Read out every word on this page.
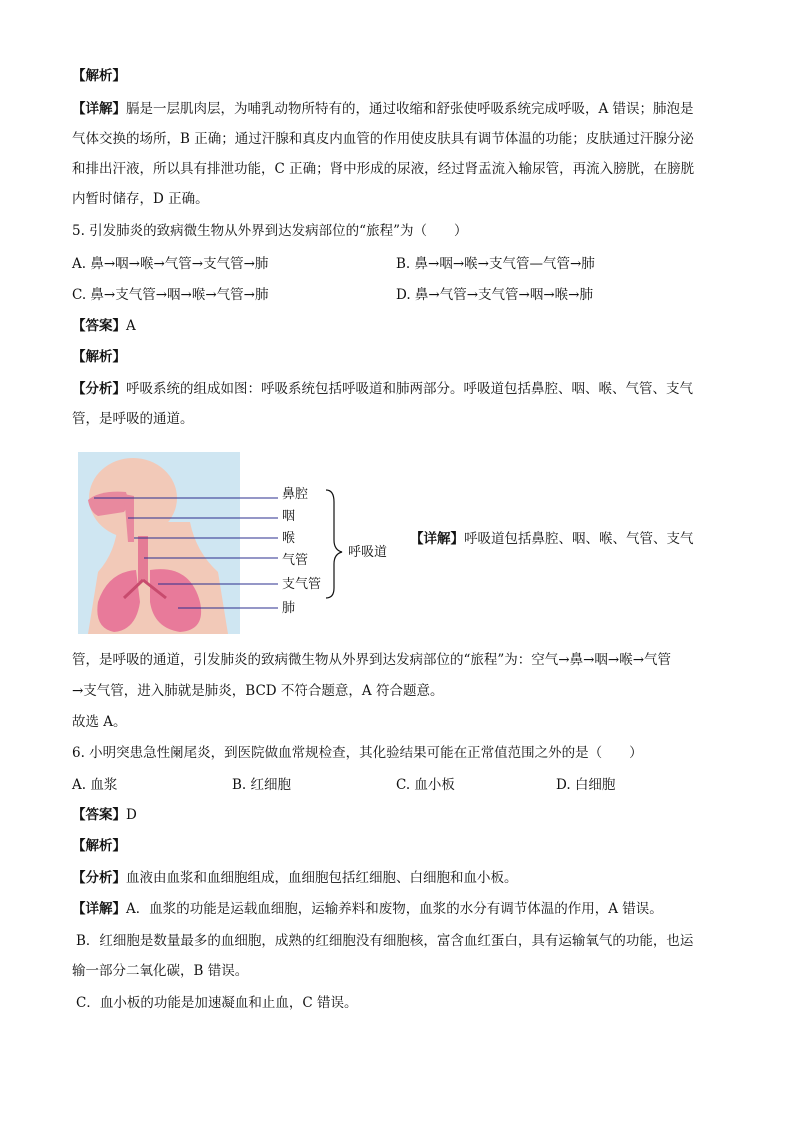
【解析】
【详解】膈是一层肌肉层，为哺乳动物所特有的，通过收缩和舒张使呼吸系统完成呼吸，A 错误；肺泡是
气体交换的场所，B 正确；通过汗腺和真皮内血管的作用使皮肤具有调节体温的功能；皮肤通过汗腺分泌
和排出汗液，所以具有排泄功能，C 正确；肾中形成的尿液，经过肾盂流入输尿管，再流入膀胱，在膀胱
内暂时储存，D 正确。
5. 引发肺炎的致病微生物从外界到达发病部位的“旅程”为（　　）
A. 鼻→咽→喉→气管→支气管→肺	B. 鼻→咽→喉→支气管—气管→肺
C. 鼻→支气管→咽→喉→气管→肺	D. 鼻→气管→支气管→咽→喉→肺
【答案】A
【解析】
【分析】呼吸系统的组成如图：呼吸系统包括呼吸道和肺两部分。呼吸道包括鼻腔、咽、喉、气管、支气
管，是呼吸的通道。
鼻腔
咽
喉
气管
支气管
肺
呼吸道
【详解】呼吸道包括鼻腔、咽、喉、气管、支气
管，是呼吸的通道，引发肺炎的致病微生物从外界到达发病部位的“旅程”为：空气→鼻→咽→喉→气管
→支气管，进入肺就是肺炎，BCD 不符合题意，A 符合题意。
故选 A。
6. 小明突患急性阑尾炎，到医院做血常规检查，其化验结果可能在正常值范围之外的是（　　）
A. 血浆	B. 红细胞	C. 血小板	D. 白细胞
【答案】D
【解析】
【分析】血液由血浆和血细胞组成，血细胞包括红细胞、白细胞和血小板。
【详解】A．血浆的功能是运载血细胞，运输养料和废物，血浆的水分有调节体温的作用，A 错误。
B．红细胞是数量最多的血细胞，成熟的红细胞没有细胞核，富含血红蛋白，具有运输氧气的功能，也运
输一部分二氧化碳，B 错误。
C．血小板的功能是加速凝血和止血，C 错误。
